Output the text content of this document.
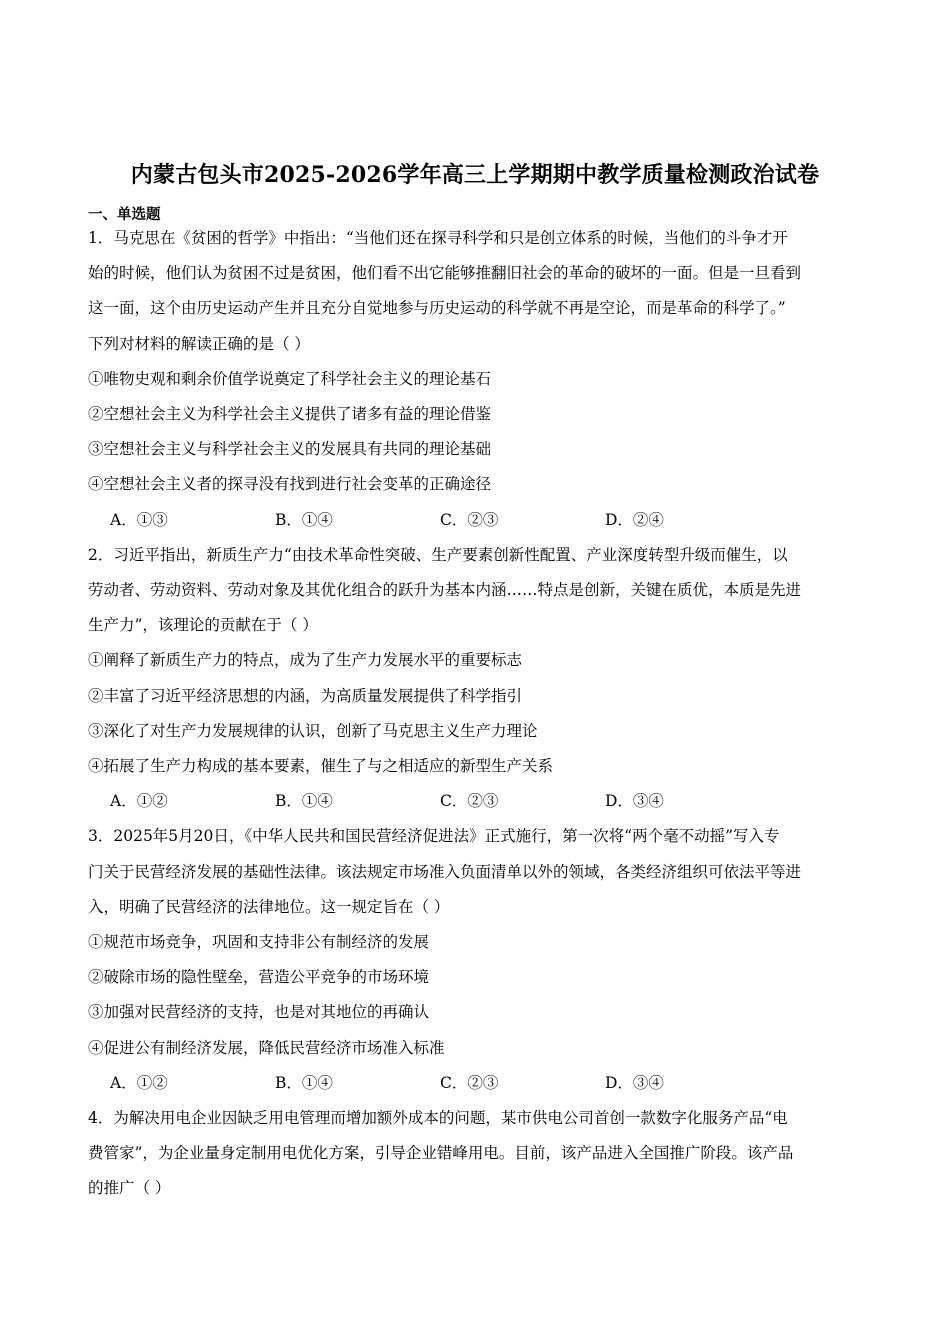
内蒙古包头市2025-2026学年高三上学期期中教学质量检测政治试卷
一、单选题
1．马克思在《贫困的哲学》中指出：“当他们还在探寻科学和只是创立体系的时候，当他们的斗争才开
始的时候，他们认为贫困不过是贫困，他们看不出它能够推翻旧社会的革命的破坏的一面。但是一旦看到
这一面，这个由历史运动产生并且充分自觉地参与历史运动的科学就不再是空论，而是革命的科学了。”
下列对材料的解读正确的是（ ）
①唯物史观和剩余价值学说奠定了科学社会主义的理论基石
②空想社会主义为科学社会主义提供了诸多有益的理论借鉴
③空想社会主义与科学社会主义的发展具有共同的理论基础
④空想社会主义者的探寻没有找到进行社会变革的正确途径
A．①③	B．①④	C．②③	D．②④
2．习近平指出，新质生产力“由技术革命性突破、生产要素创新性配置、产业深度转型升级而催生，以
劳动者、劳动资料、劳动对象及其优化组合的跃升为基本内涵……特点是创新，关键在质优，本质是先进
生产力”，该理论的贡献在于（ ）
①阐释了新质生产力的特点，成为了生产力发展水平的重要标志
②丰富了习近平经济思想的内涵，为高质量发展提供了科学指引
③深化了对生产力发展规律的认识，创新了马克思主义生产力理论
④拓展了生产力构成的基本要素，催生了与之相适应的新型生产关系
A．①②	B．①④	C．②③	D．③④
3．2025年5月20日，《中华人民共和国民营经济促进法》正式施行，第一次将“两个毫不动摇”写入专
门关于民营经济发展的基础性法律。该法规定市场准入负面清单以外的领域，各类经济组织可依法平等进
入，明确了民营经济的法律地位。这一规定旨在（ ）
①规范市场竞争，巩固和支持非公有制经济的发展
②破除市场的隐性壁垒，营造公平竞争的市场环境
③加强对民营经济的支持，也是对其地位的再确认
④促进公有制经济发展，降低民营经济市场准入标准
A．①②	B．①④	C．②③	D．③④
4．为解决用电企业因缺乏用电管理而增加额外成本的问题，某市供电公司首创一款数字化服务产品“电
费管家”，为企业量身定制用电优化方案，引导企业错峰用电。目前，该产品进入全国推广阶段。该产品
的推广（ ）
